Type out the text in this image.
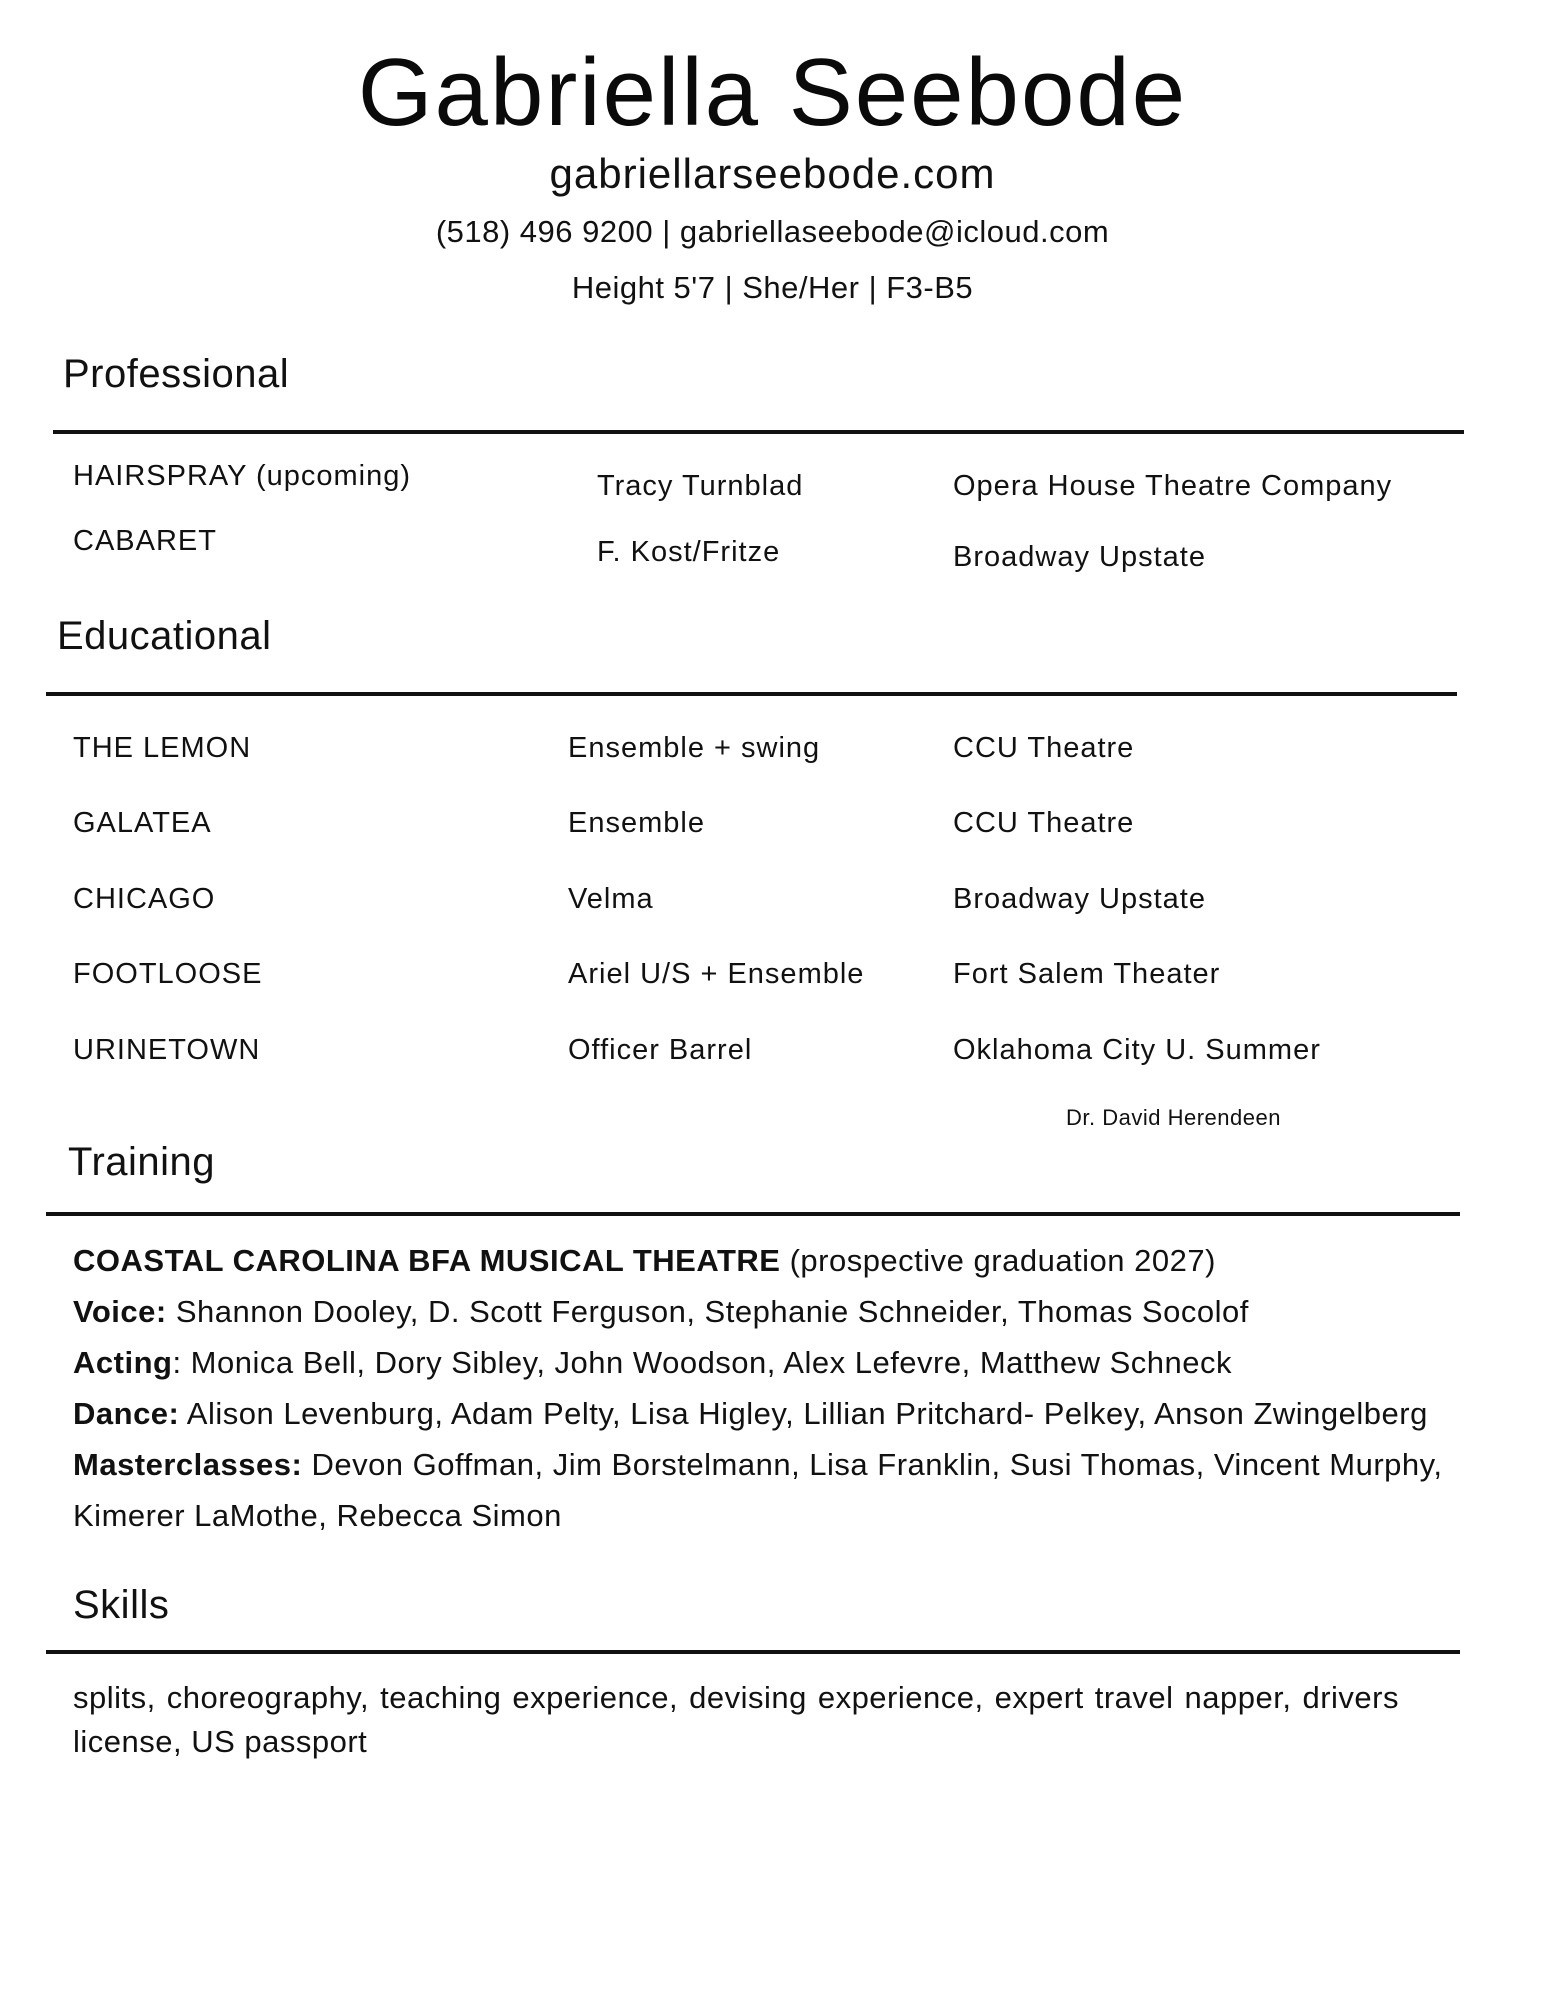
Gabriella Seebode
gabriellarseebode.com
(518) 496 9200 | gabriellaseebode@icloud.com
Height 5'7 | She/Her | F3-B5
Professional
HAIRSPRAY (upcoming)	Tracy Turnblad	Opera House Theatre Company
CABARET	F. Kost/Fritze	Broadway Upstate
Educational
THE LEMON	Ensemble + swing	CCU Theatre
GALATEA	Ensemble	CCU Theatre
CHICAGO	Velma	Broadway Upstate
FOOTLOOSE	Ariel U/S + Ensemble	Fort Salem Theater
URINETOWN	Officer Barrel	Oklahoma City U. Summer
Dr. David Herendeen
Training
COASTAL CAROLINA BFA MUSICAL THEATRE (prospective graduation 2027)
Voice: Shannon Dooley, D. Scott Ferguson, Stephanie Schneider, Thomas Socolof
Acting: Monica Bell, Dory Sibley, John Woodson, Alex Lefevre, Matthew Schneck
Dance: Alison Levenburg, Adam Pelty, Lisa Higley, Lillian Pritchard- Pelkey, Anson Zwingelberg
Masterclasses: Devon Goffman, Jim Borstelmann, Lisa Franklin, Susi Thomas, Vincent Murphy,
Kimerer LaMothe, Rebecca Simon
Skills
splits, choreography, teaching experience, devising experience, expert travel napper, drivers license, US passport
